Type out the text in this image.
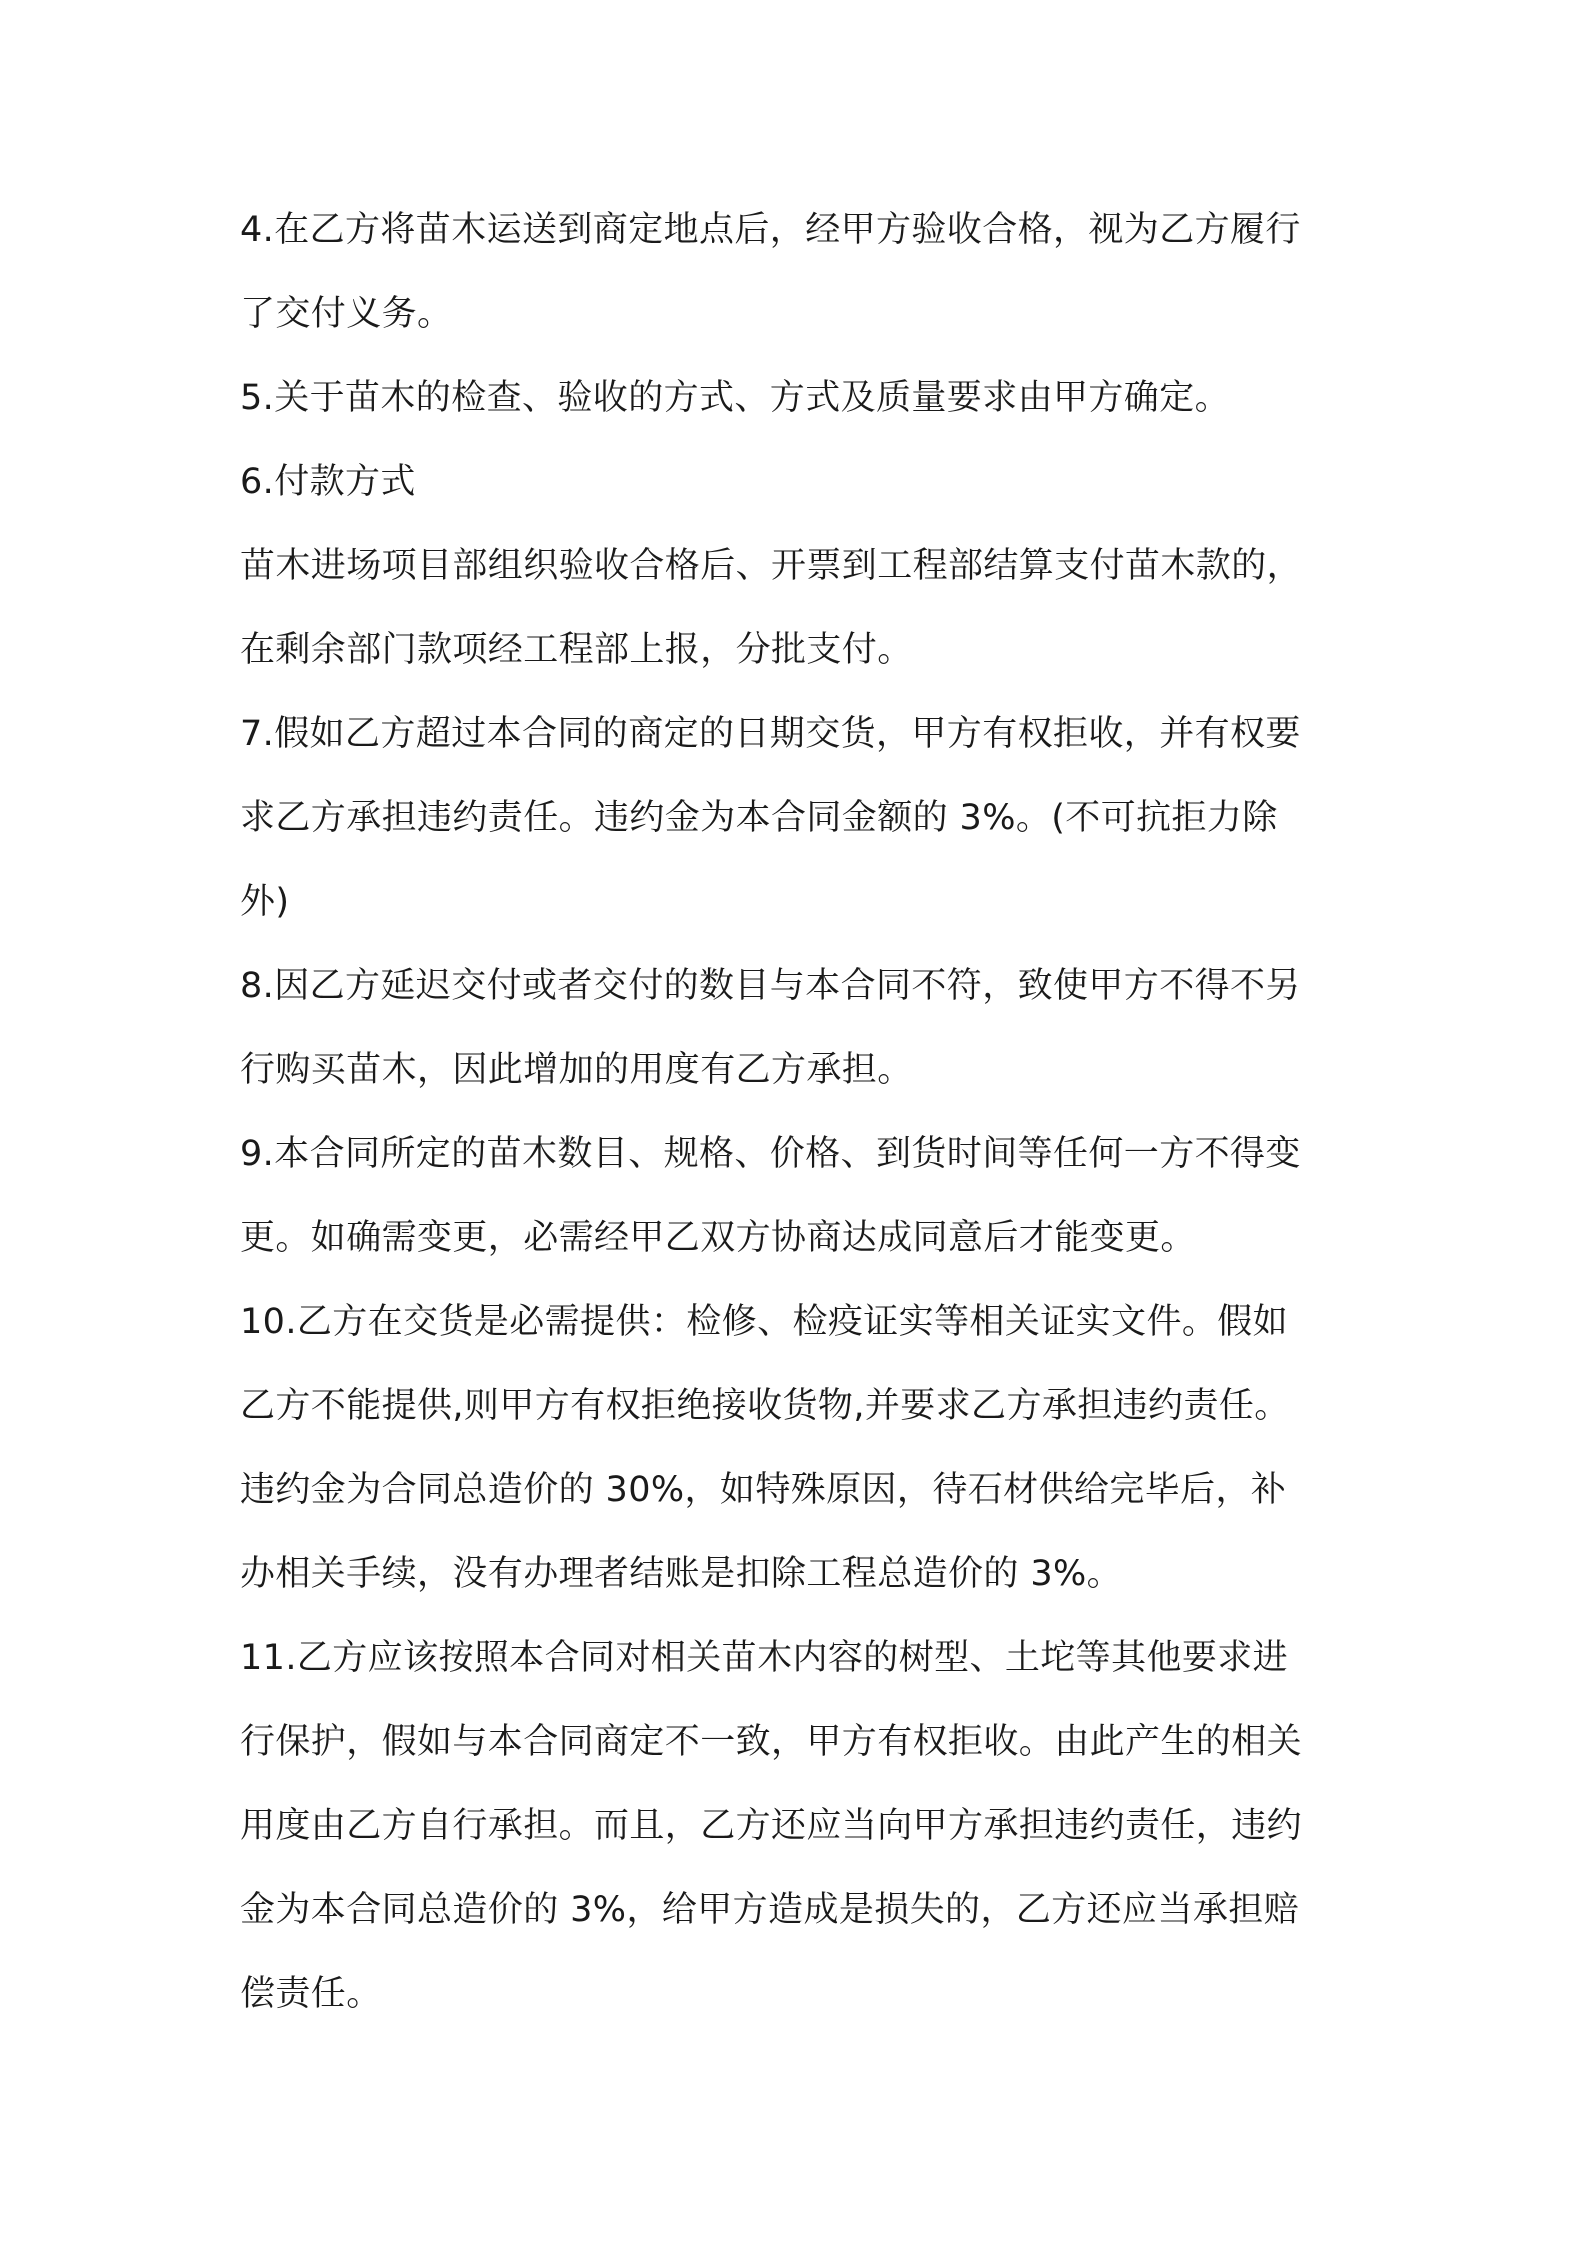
4.在乙方将苗木运送到商定地点后，经甲方验收合格，视为乙方履行

了交付义务。

5.关于苗木的检查、验收的方式、方式及质量要求由甲方确定。

6.付款方式

苗木进场项目部组织验收合格后、开票到工程部结算支付苗木款的，

在剩余部门款项经工程部上报，分批支付。

7.假如乙方超过本合同的商定的日期交货，甲方有权拒收，并有权要

求乙方承担违约责任。违约金为本合同金额的 3%。(不可抗拒力除

外)

8.因乙方延迟交付或者交付的数目与本合同不符，致使甲方不得不另

行购买苗木，因此增加的用度有乙方承担。

9.本合同所定的苗木数目、规格、价格、到货时间等任何一方不得变

更。如确需变更，必需经甲乙双方协商达成同意后才能变更。

10.乙方在交货是必需提供：检修、检疫证实等相关证实文件。假如

乙方不能提供,则甲方有权拒绝接收货物,并要求乙方承担违约责任。

违约金为合同总造价的 30%，如特殊原因，待石材供给完毕后，补

办相关手续，没有办理者结账是扣除工程总造价的 3%。

11.乙方应该按照本合同对相关苗木内容的树型、土坨等其他要求进

行保护，假如与本合同商定不一致，甲方有权拒收。由此产生的相关

用度由乙方自行承担。而且，乙方还应当向甲方承担违约责任，违约

金为本合同总造价的 3%，给甲方造成是损失的，乙方还应当承担赔

偿责任。
